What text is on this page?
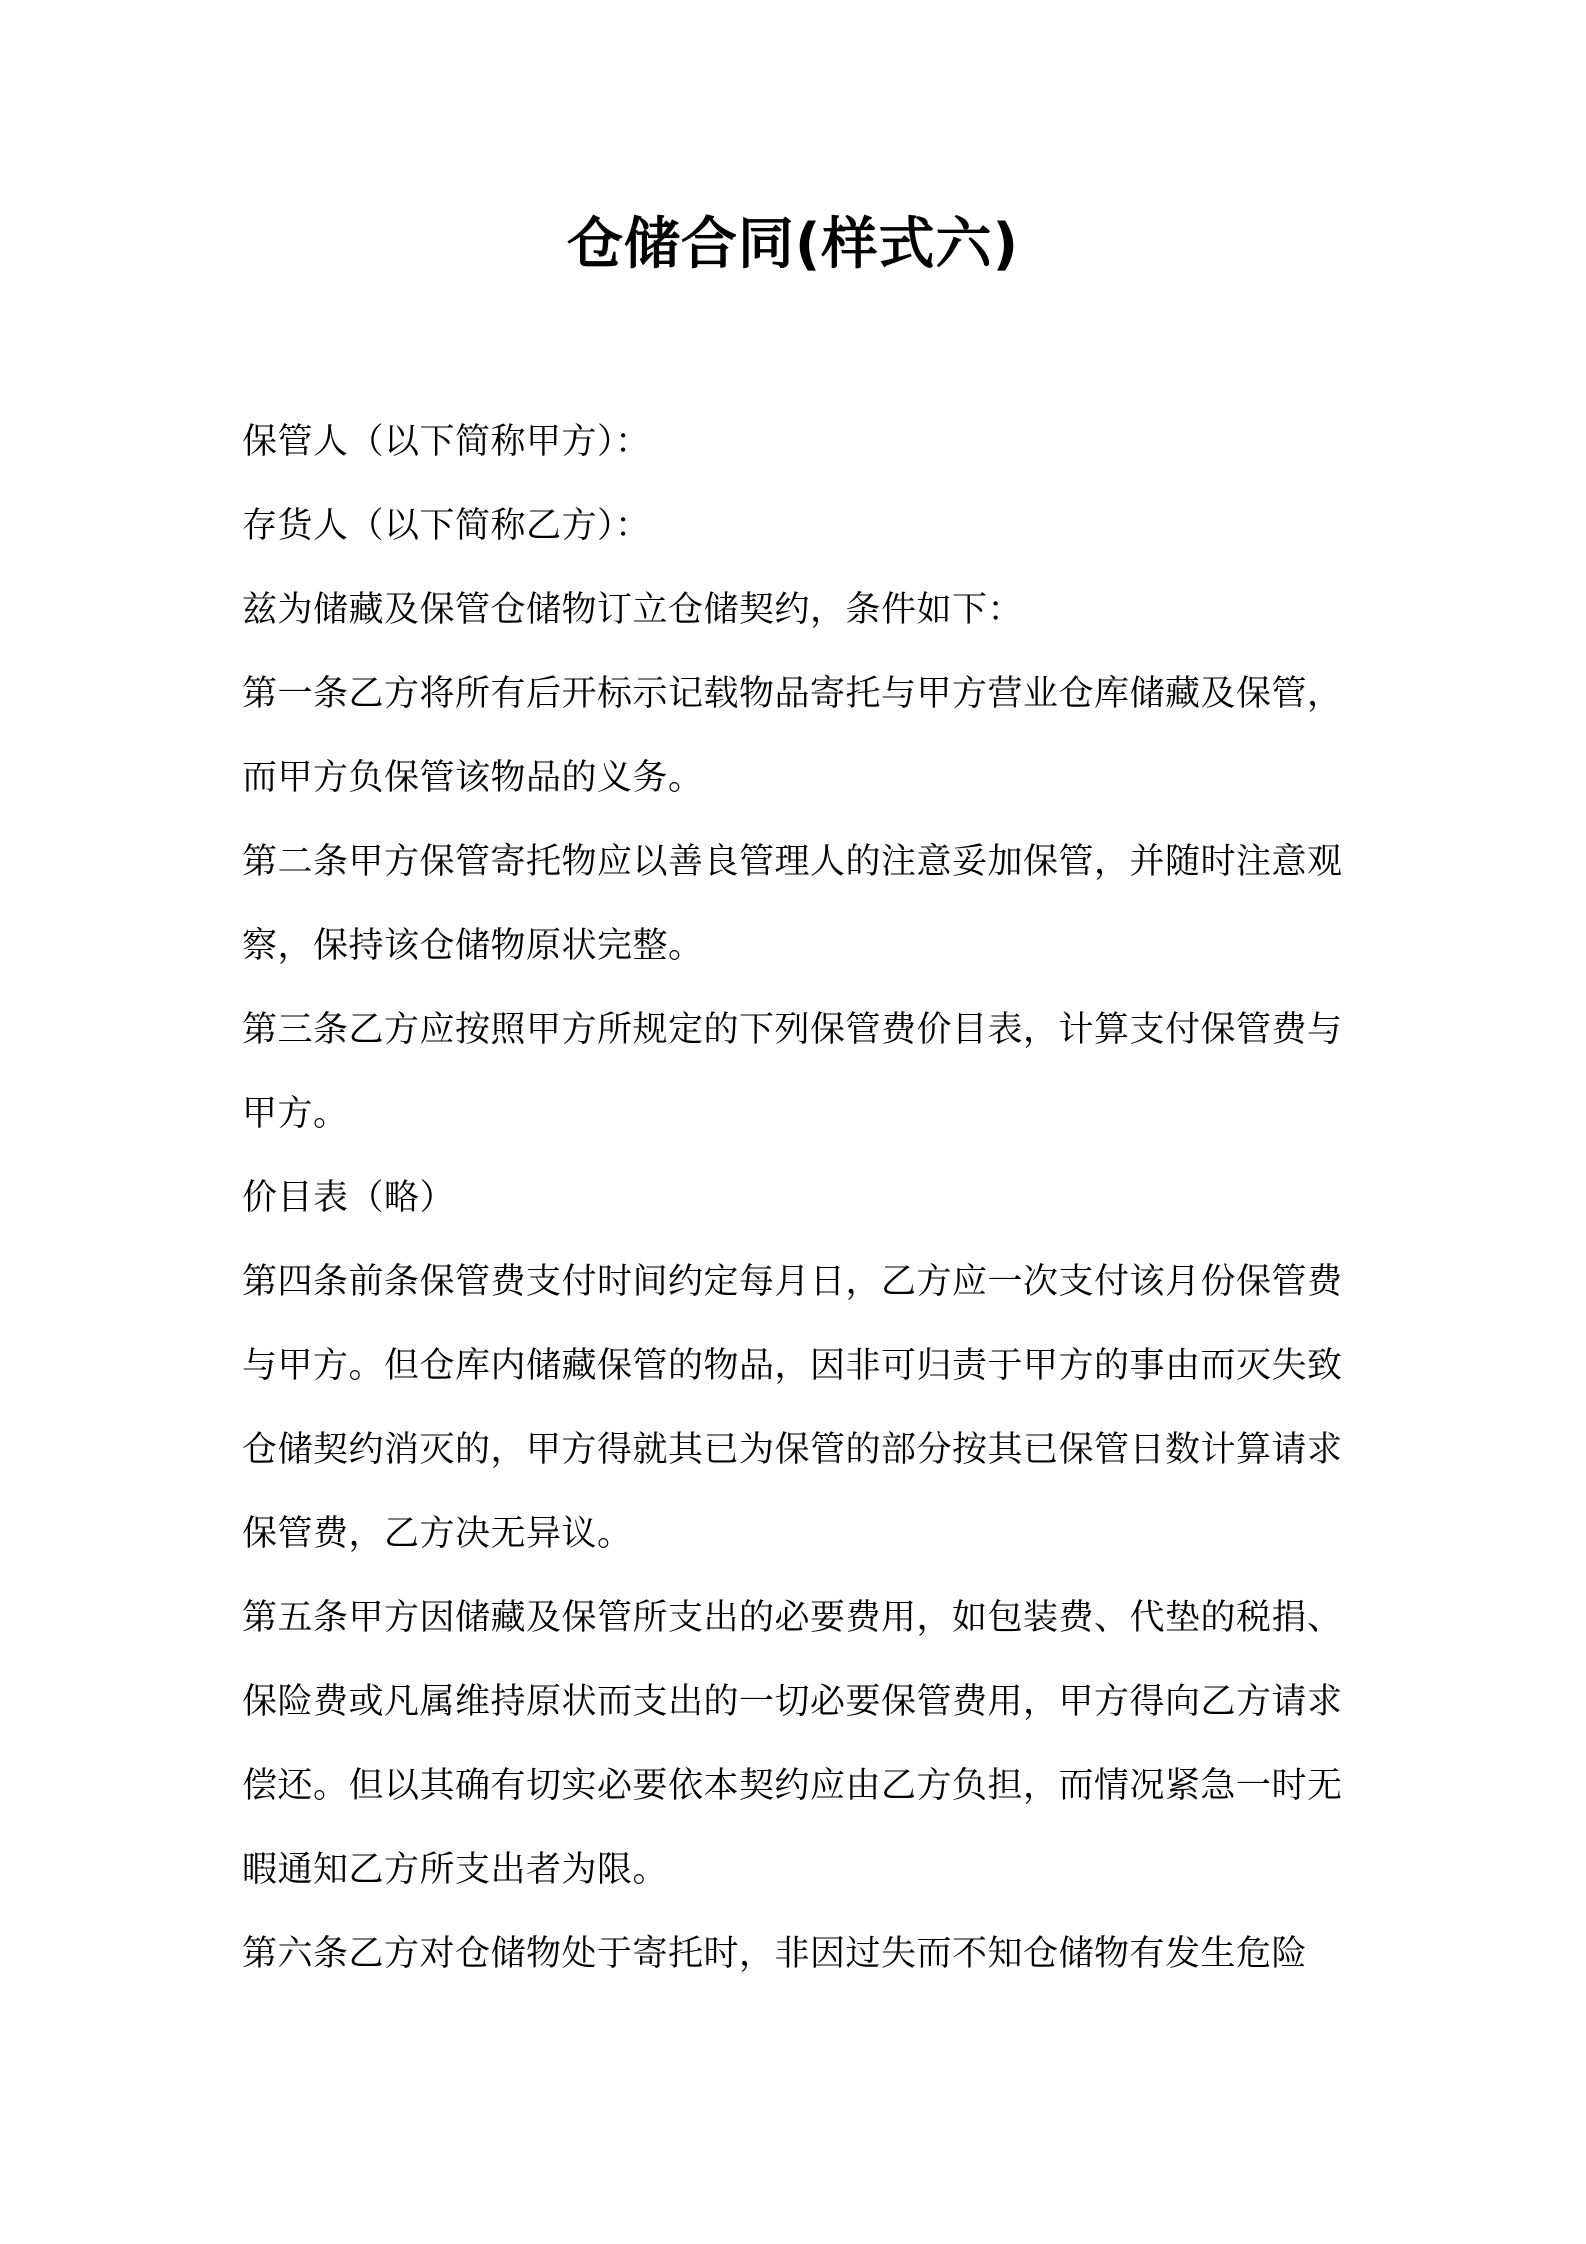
仓储合同(样式六)

保管人（以下简称甲方）：

存货人（以下简称乙方）：

兹为储藏及保管仓储物订立仓储契约，条件如下：

第一条乙方将所有后开标示记载物品寄托与甲方营业仓库储藏及保管，而甲方负保管该物品的义务。

第二条甲方保管寄托物应以善良管理人的注意妥加保管，并随时注意观察，保持该仓储物原状完整。

第三条乙方应按照甲方所规定的下列保管费价目表，计算支付保管费与甲方。

价目表（略）

第四条前条保管费支付时间约定每月日，乙方应一次支付该月份保管费与甲方。但仓库内储藏保管的物品，因非可归责于甲方的事由而灭失致仓储契约消灭的，甲方得就其已为保管的部分按其已保管日数计算请求保管费，乙方决无异议。

第五条甲方因储藏及保管所支出的必要费用，如包装费、代垫的税捐、保险费或凡属维持原状而支出的一切必要保管费用，甲方得向乙方请求偿还。但以其确有切实必要依本契约应由乙方负担，而情况紧急一时无暇通知乙方所支出者为限。

第六条乙方对仓储物处于寄托时，非因过失而不知仓储物有发生危险
